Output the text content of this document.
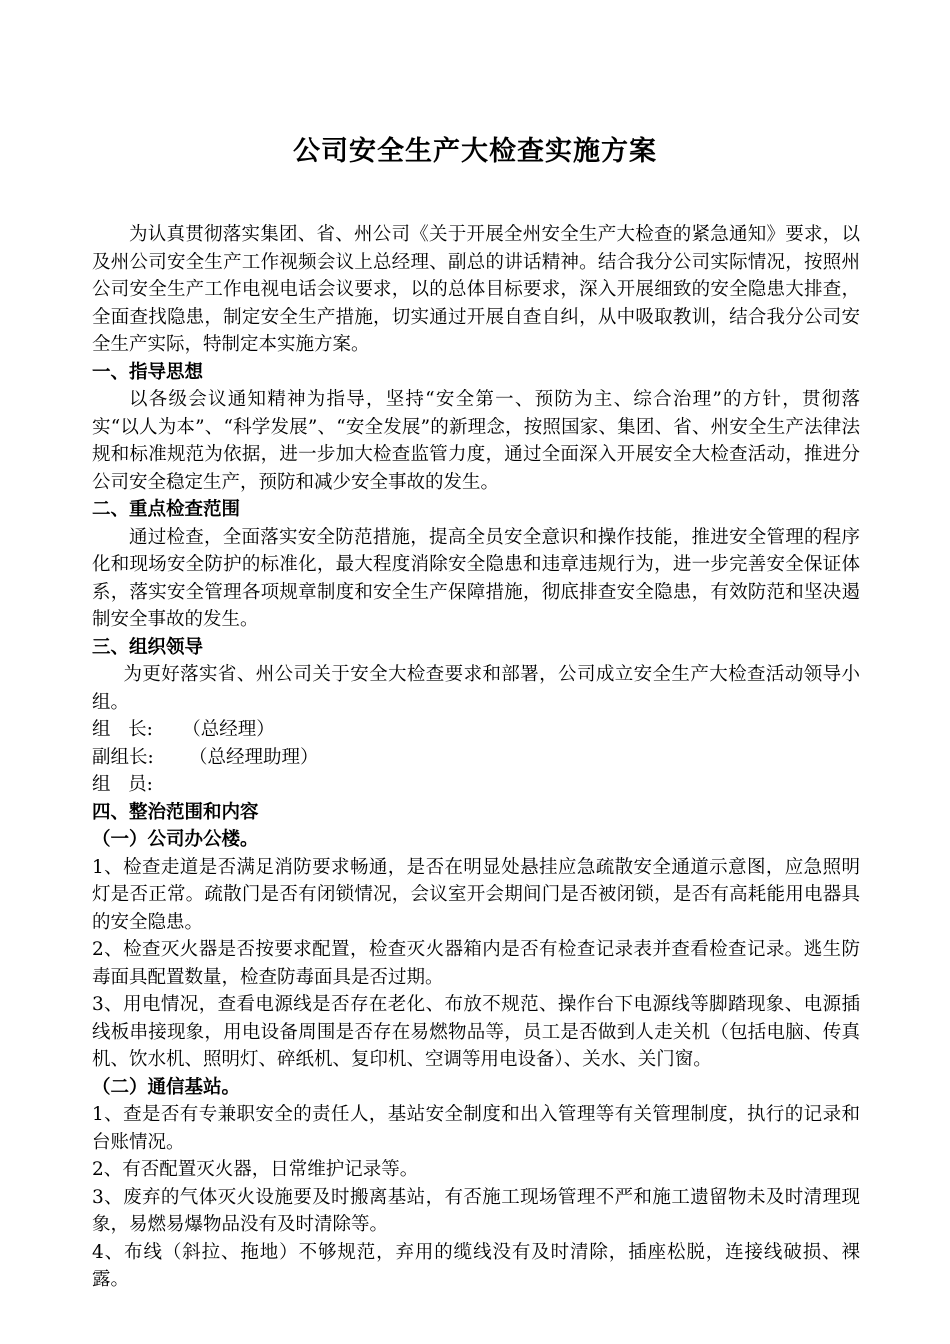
公司安全生产大检查实施方案

为认真贯彻落实集团、省、州公司《关于开展全州安全生产大检查的紧急通知》要求，以及州公司安全生产工作视频会议上总经理、副总的讲话精神。结合我分公司实际情况，按照州公司安全生产工作电视电话会议要求，以的总体目标要求，深入开展细致的安全隐患大排查，全面查找隐患，制定安全生产措施，切实通过开展自查自纠，从中吸取教训，结合我分公司安全生产实际，特制定本实施方案。

一、指导思想

以各级会议通知精神为指导，坚持“安全第一、预防为主、综合治理”的方针，贯彻落实“以人为本”、“科学发展”、“安全发展”的新理念，按照国家、集团、省、州安全生产法律法规和标准规范为依据，进一步加大检查监管力度，通过全面深入开展安全大检查活动，推进分公司安全稳定生产，预防和减少安全事故的发生。

二、重点检查范围

通过检查，全面落实安全防范措施，提高全员安全意识和操作技能，推进安全管理的程序化和现场安全防护的标准化，最大程度消除安全隐患和违章违规行为，进一步完善安全保证体系，落实安全管理各项规章制度和安全生产保障措施，彻底排查安全隐患，有效防范和坚决遏制安全事故的发生。

三、组织领导

为更好落实省、州公司关于安全大检查要求和部署，公司成立安全生产大检查活动领导小组。

组   长:     （总经理）
副组长:      （总经理助理）
组   员:
四、整治范围和内容
（一）公司办公楼。

1、检查走道是否满足消防要求畅通，是否在明显处悬挂应急疏散安全通道示意图，应急照明灯是否正常。疏散门是否有闭锁情况，会议室开会期间门是否被闭锁，是否有高耗能用电器具的安全隐患。

2、检查灭火器是否按要求配置，检查灭火器箱内是否有检查记录表并查看检查记录。逃生防毒面具配置数量，检查防毒面具是否过期。

3、用电情况，查看电源线是否存在老化、布放不规范、操作台下电源线等脚踏现象、电源插线板串接现象，用电设备周围是否存在易燃物品等，员工是否做到人走关机（包括电脑、传真机、饮水机、照明灯、碎纸机、复印机、空调等用电设备）、关水、关门窗。

（二）通信基站。

1、查是否有专兼职安全的责任人，基站安全制度和出入管理等有关管理制度，执行的记录和台账情况。

2、有否配置灭火器，日常维护记录等。

3、废弃的气体灭火设施要及时搬离基站，有否施工现场管理不严和施工遗留物未及时清理现象，易燃易爆物品没有及时清除等。

4、布线（斜拉、拖地）不够规范，弃用的缆线没有及时清除，插座松脱，连接线破损、裸露。
